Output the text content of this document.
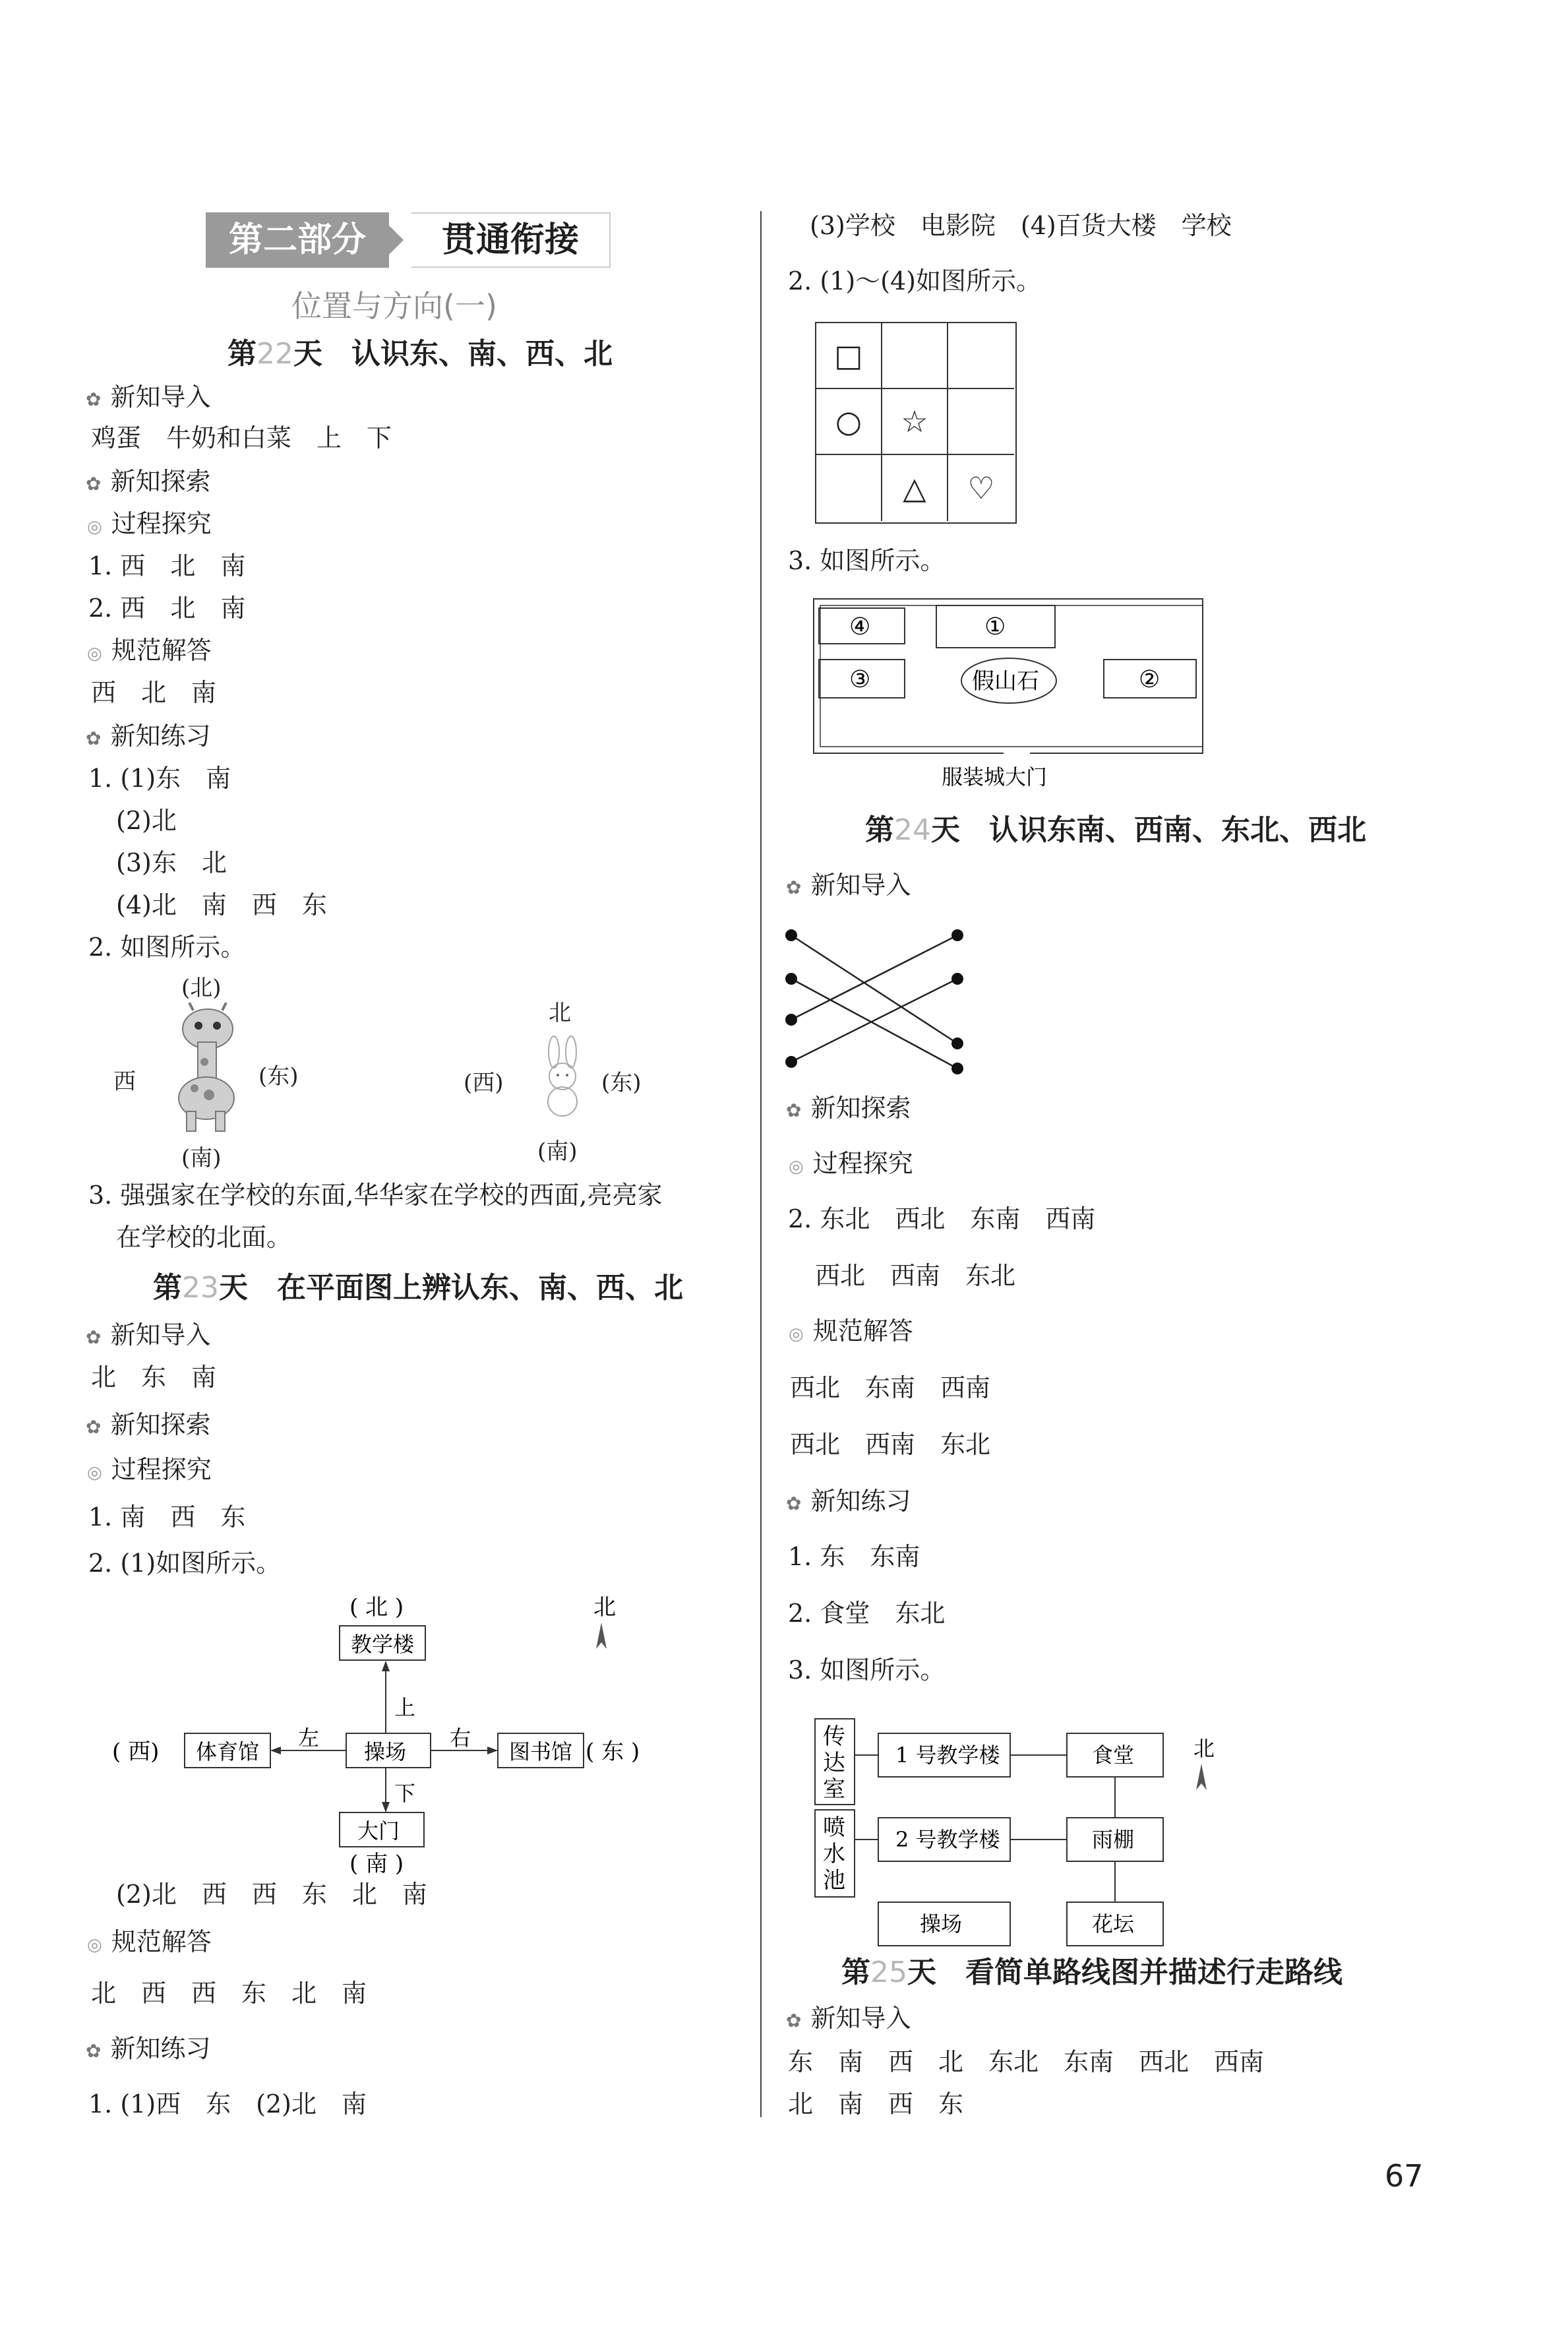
第二部分	贯通衔接
位置与方向(一)
第22天　 认识东、南、西、北
✿ 新知导入
鸡蛋　牛奶和白菜　上　下
✿ 新知探索
◎ 过程探究
1. 西　北　南
2. 西　北　南
◎ 规范解答
西　北　南
✿ 新知练习
1. (1)东　南
(2)北
(3)东　北
(4)北　南　西　东
2. 如图所示。
(北)
西	(东)
(南)
北
(西)	(东)
(南)
3. 强强家在学校的东面,华华家在学校的西面,亮亮家
在学校的北面。
第23天　 在平面图上辨认东、南、西、北
✿ 新知导入
北　东　南
✿ 新知探索
◎ 过程探究
1. 南　西　东
2. (1)如图所示。
( 北 )	北
教学楼
体育馆	操场	图书馆
大门
( 西)	( 东 )
( 南 )
上
下
左	右
(2)北　西　西　东　北　南
◎ 规范解答
北　西　西　东　北　南
✿ 新知练习
1. (1)西　东　(2)北　南
(3)学校　电影院　(4)百货大楼　学校
2. (1)～(4)如图所示。
□
○	☆
△	♡
3. 如图所示。
④	①
③	假山石	②
服装城大门
第24天　 认识东南、西南、东北、西北
✿ 新知导入
✿ 新知探索
◎ 过程探究
2. 东北　西北　东南　西南
西北　西南　东北
◎ 规范解答
西北　东南　西南
西北　西南　东北
✿ 新知练习
1. 东　东南
2. 食堂　东北
3. 如图所示。
传
达
室
喷
水
池
1 号教学楼	食堂
2 号教学楼	雨棚
操场	花坛
北
第25天　 看简单路线图并描述行走路线
✿ 新知导入
东　南　西　北　东北　东南　西北　西南
北　南　西　东
67
